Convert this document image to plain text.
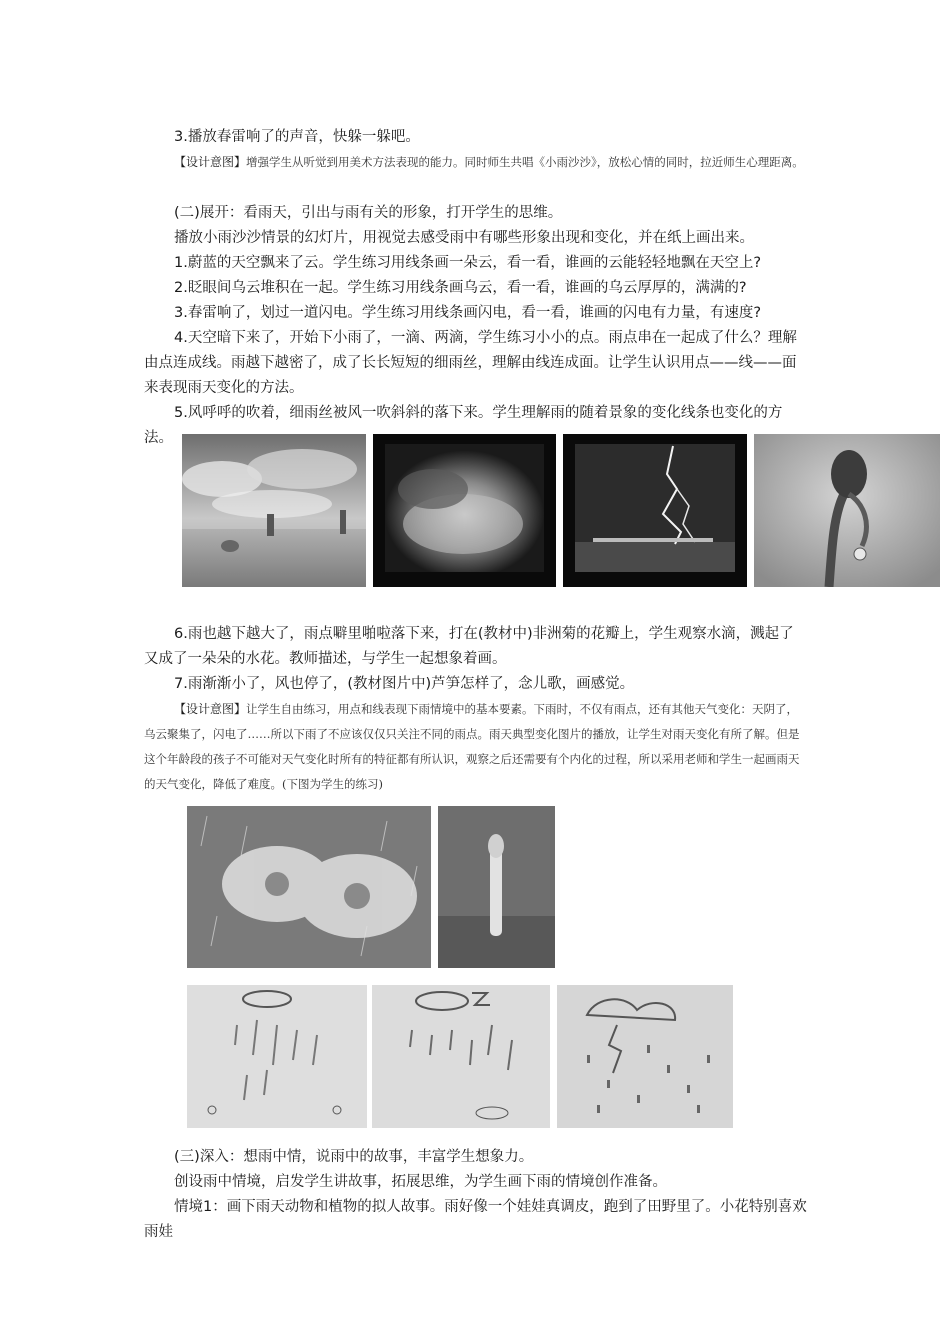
3.播放春雷响了的声音，快躲一躲吧。

【设计意图】增强学生从听觉到用美术方法表现的能力。同时师生共唱《小雨沙沙》，放松心情的同时，拉近师生心理距离。

(二)展开：看雨天，引出与雨有关的形象，打开学生的思维。

播放小雨沙沙情景的幻灯片，用视觉去感受雨中有哪些形象出现和变化，并在纸上画出来。

1.蔚蓝的天空飘来了云。学生练习用线条画一朵云，看一看，谁画的云能轻轻地飘在天空上?

2.眨眼间乌云堆积在一起。学生练习用线条画乌云，看一看，谁画的乌云厚厚的，满满的?

3.春雷响了，划过一道闪电。学生练习用线条画闪电，看一看，谁画的闪电有力量，有速度?

4.天空暗下来了，开始下小雨了，一滴、两滴，学生练习小小的点。雨点串在一起成了什么？理解由点连成线。雨越下越密了，成了长长短短的细雨丝，理解由线连成面。让学生认识用点——线——面来表现雨天变化的方法。

5.风呼呼的吹着，细雨丝被风一吹斜斜的落下来。学生理解雨的随着景象的变化线条也变化的方法。

6.雨也越下越大了，雨点噼里啪啦落下来，打在(教材中)非洲菊的花瓣上，学生观察水滴，溅起了又成了一朵朵的水花。教师描述，与学生一起想象着画。

7.雨渐渐小了，风也停了，(教材图片中)芦笋怎样了，念儿歌，画感觉。

【设计意图】让学生自由练习，用点和线表现下雨情境中的基本要素。下雨时，不仅有雨点，还有其他天气变化：天阴了，乌云聚集了，闪电了……所以下雨了不应该仅仅只关注不同的雨点。雨天典型变化图片的播放，让学生对雨天变化有所了解。但是这个年龄段的孩子不可能对天气变化时所有的特征都有所认识，观察之后还需要有个内化的过程，所以采用老师和学生一起画雨天的天气变化，降低了难度。(下图为学生的练习)

(三)深入：想雨中情，说雨中的故事，丰富学生想象力。

创设雨中情境，启发学生讲故事，拓展思维，为学生画下雨的情境创作准备。

情境1：画下雨天动物和植物的拟人故事。雨好像一个娃娃真调皮，跑到了田野里了。小花特别喜欢雨娃
